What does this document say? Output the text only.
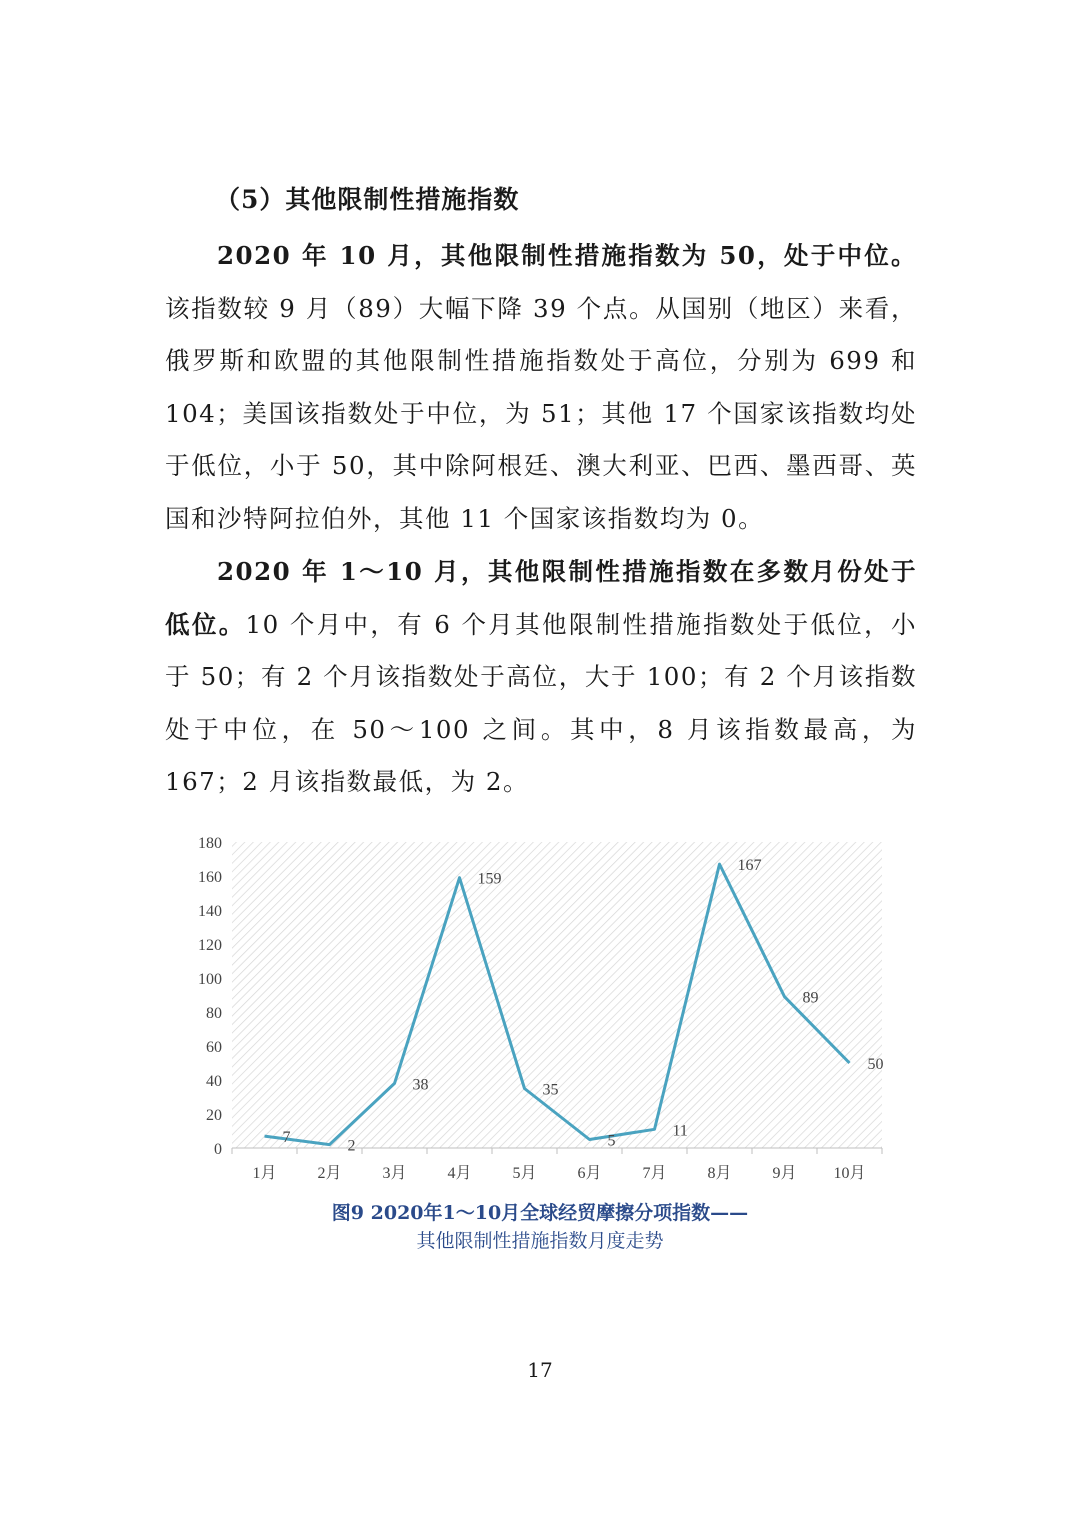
（5）其他限制性措施指数

2020 年 10 月，其他限制性措施指数为 50，处于中位。该指数较 9 月（89）大幅下降 39 个点。从国别（地区）来看，俄罗斯和欧盟的其他限制性措施指数处于高位，分别为 699 和 104；美国该指数处于中位，为 51；其他 17 个国家该指数均处于低位，小于 50，其中除阿根廷、澳大利亚、巴西、墨西哥、英国和沙特阿拉伯外，其他 11 个国家该指数均为 0。

2020 年 1～10 月，其他限制性措施指数在多数月份处于低位。10 个月中，有 6 个月其他限制性措施指数处于低位，小于 50；有 2 个月该指数处于高位，大于 100；有 2 个月该指数处于中位，在 50～100 之间。其中，8 月该指数最高，为 167；2 月该指数最低，为 2。

0
20
40
60
80
100
120
140
160
180
1月	2月	3月	4月	5月	6月	7月	8月	9月 10月
7	2
38
159
35
5
11
167
89
50
图9 2020年1～10月全球经贸摩擦分项指数——
其他限制性措施指数月度走势
17
